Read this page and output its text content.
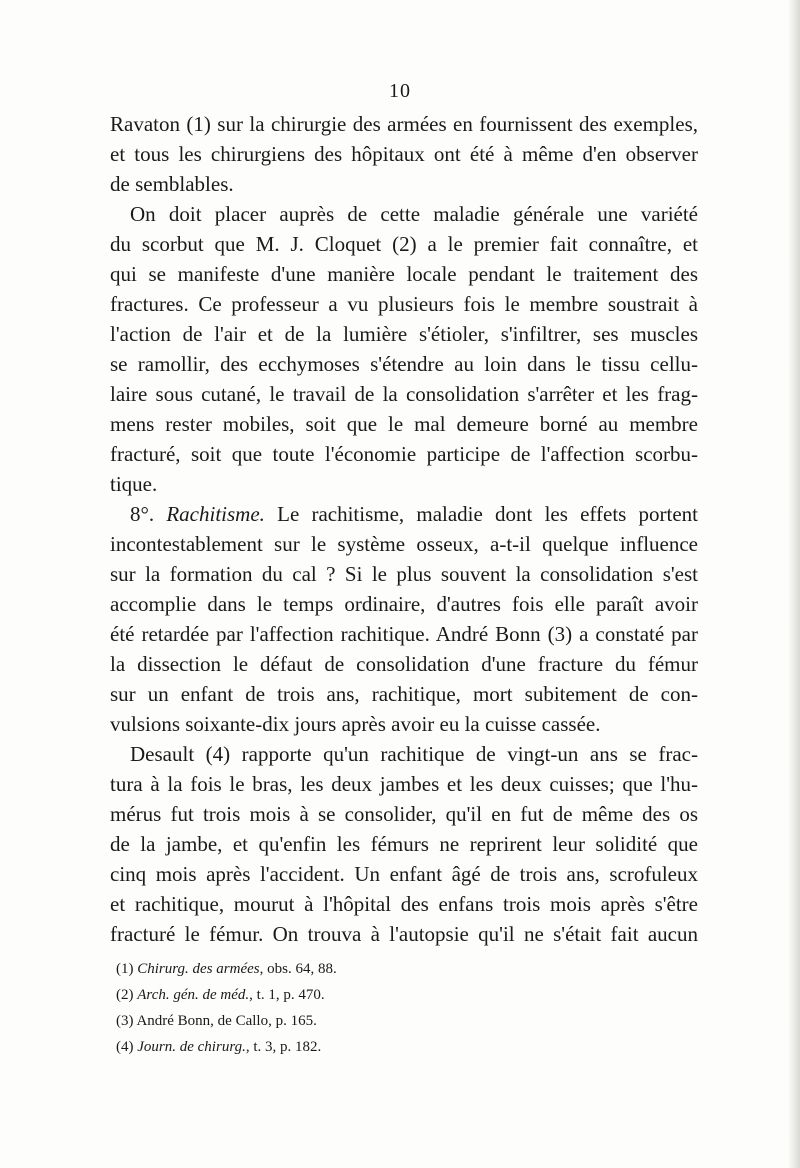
10
Ravaton (1) sur la chirurgie des armées en fournissent des exemples,
et tous les chirurgiens des hôpitaux ont été à même d'en observer
de semblables.
On doit placer auprès de cette maladie générale une variété
du scorbut que M. J. Cloquet (2) a le premier fait connaître, et
qui se manifeste d'une manière locale pendant le traitement des
fractures. Ce professeur a vu plusieurs fois le membre soustrait à
l'action de l'air et de la lumière s'étioler, s'infiltrer, ses muscles
se ramollir, des ecchymoses s'étendre au loin dans le tissu cellu-
laire sous cutané, le travail de la consolidation s'arrêter et les frag-
mens rester mobiles, soit que le mal demeure borné au membre
fracturé, soit que toute l'économie participe de l'affection scorbu-
tique.
8°. Rachitisme. Le rachitisme, maladie dont les effets portent
incontestablement sur le système osseux, a-t-il quelque influence
sur la formation du cal ? Si le plus souvent la consolidation s'est
accomplie dans le temps ordinaire, d'autres fois elle paraît avoir
été retardée par l'affection rachitique. André Bonn (3) a constaté par
la dissection le défaut de consolidation d'une fracture du fémur
sur un enfant de trois ans, rachitique, mort subitement de con-
vulsions soixante-dix jours après avoir eu la cuisse cassée.
Desault (4) rapporte qu'un rachitique de vingt-un ans se frac-
tura à la fois le bras, les deux jambes et les deux cuisses; que l'hu-
mérus fut trois mois à se consolider, qu'il en fut de même des os
de la jambe, et qu'enfin les fémurs ne reprirent leur solidité que
cinq mois après l'accident. Un enfant âgé de trois ans, scrofuleux
et rachitique, mourut à l'hôpital des enfans trois mois après s'être
fracturé le fémur. On trouva à l'autopsie qu'il ne s'était fait aucun
(1) Chirurg. des armées, obs. 64, 88.
(2) Arch. gén. de méd., t. 1, p. 470.
(3) André Bonn, de Callo, p. 165.
(4) Journ. de chirurg., t. 3, p. 182.
